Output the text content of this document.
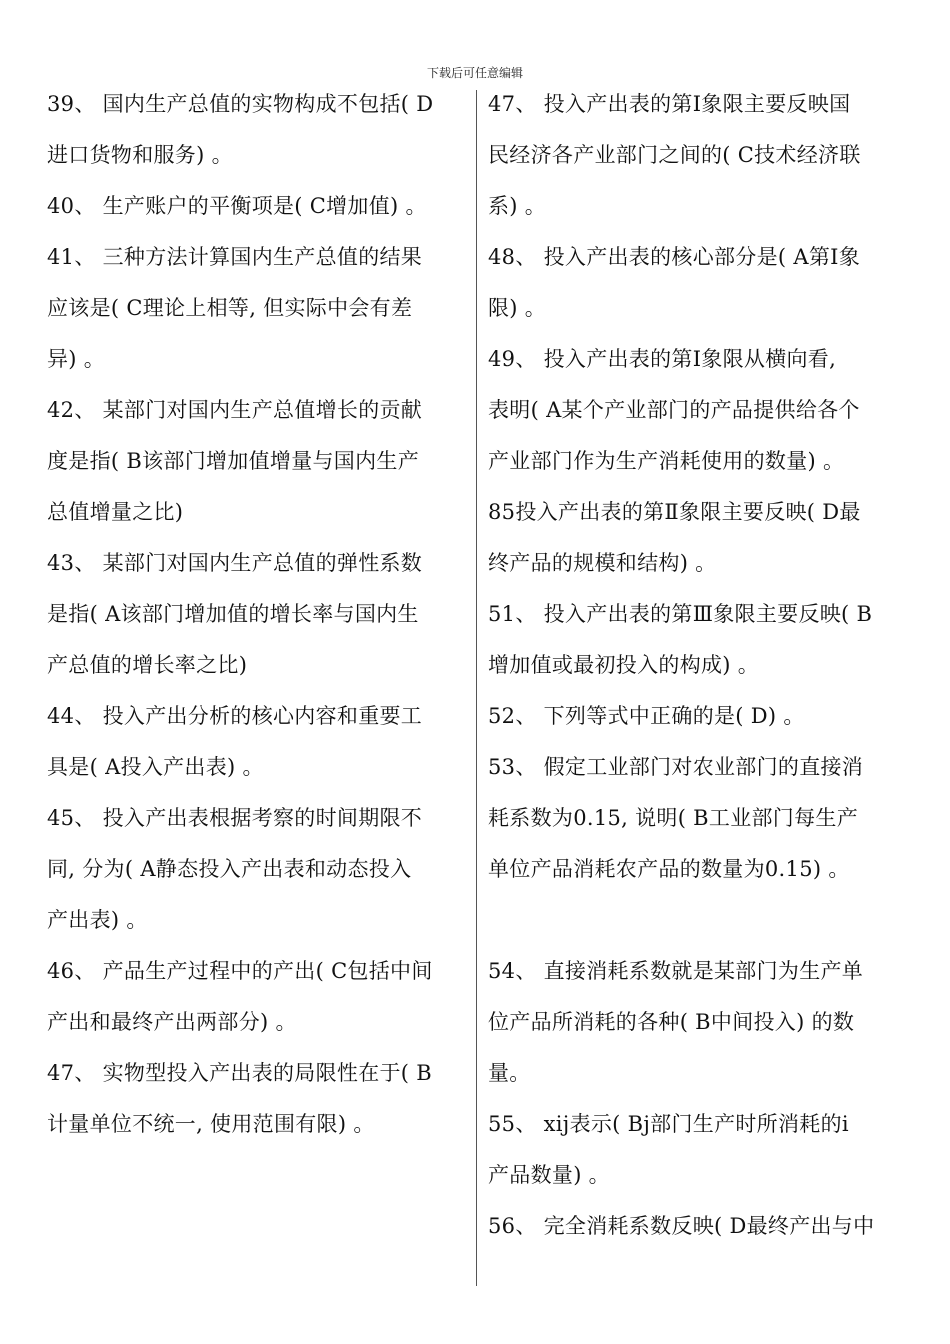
下载后可任意编辑
39、 国内生产总值的实物构成不包括( D
进口货物和服务) 。
40、 生产账户的平衡项是( C增加值) 。
41、 三种方法计算国内生产总值的结果
应该是( C理论上相等, 但实际中会有差
异) 。
42、 某部门对国内生产总值增长的贡献
度是指( B该部门增加值增量与国内生产
总值增量之比)
43、 某部门对国内生产总值的弹性系数
是指( A该部门增加值的增长率与国内生
产总值的增长率之比)
44、 投入产出分析的核心内容和重要工
具是( A投入产出表) 。
45、 投入产出表根据考察的时间期限不
同, 分为( A静态投入产出表和动态投入
产出表) 。
46、 产品生产过程中的产出( C包括中间
产出和最终产出两部分) 。
47、 实物型投入产出表的局限性在于( B
计量单位不统一, 使用范围有限) 。
47、 投入产出表的第Ⅰ象限主要反映国
民经济各产业部门之间的( C技术经济联
系) 。
48、 投入产出表的核心部分是( A第Ⅰ象
限) 。
49、 投入产出表的第Ⅰ象限从横向看,
表明( A某个产业部门的产品提供给各个
产业部门作为生产消耗使用的数量) 。
85投入产出表的第Ⅱ象限主要反映( D最
终产品的规模和结构) 。
51、 投入产出表的第Ⅲ象限主要反映( B
增加值或最初投入的构成) 。
52、 下列等式中正确的是( D) 。
53、 假定工业部门对农业部门的直接消
耗系数为0.15, 说明( B工业部门每生产
单位产品消耗农产品的数量为0.15) 。
54、 直接消耗系数就是某部门为生产单
位产品所消耗的各种( B中间投入) 的数
量。
55、 xij表示( Bj部门生产时所消耗的i
产品数量) 。
56、 完全消耗系数反映( D最终产出与中
